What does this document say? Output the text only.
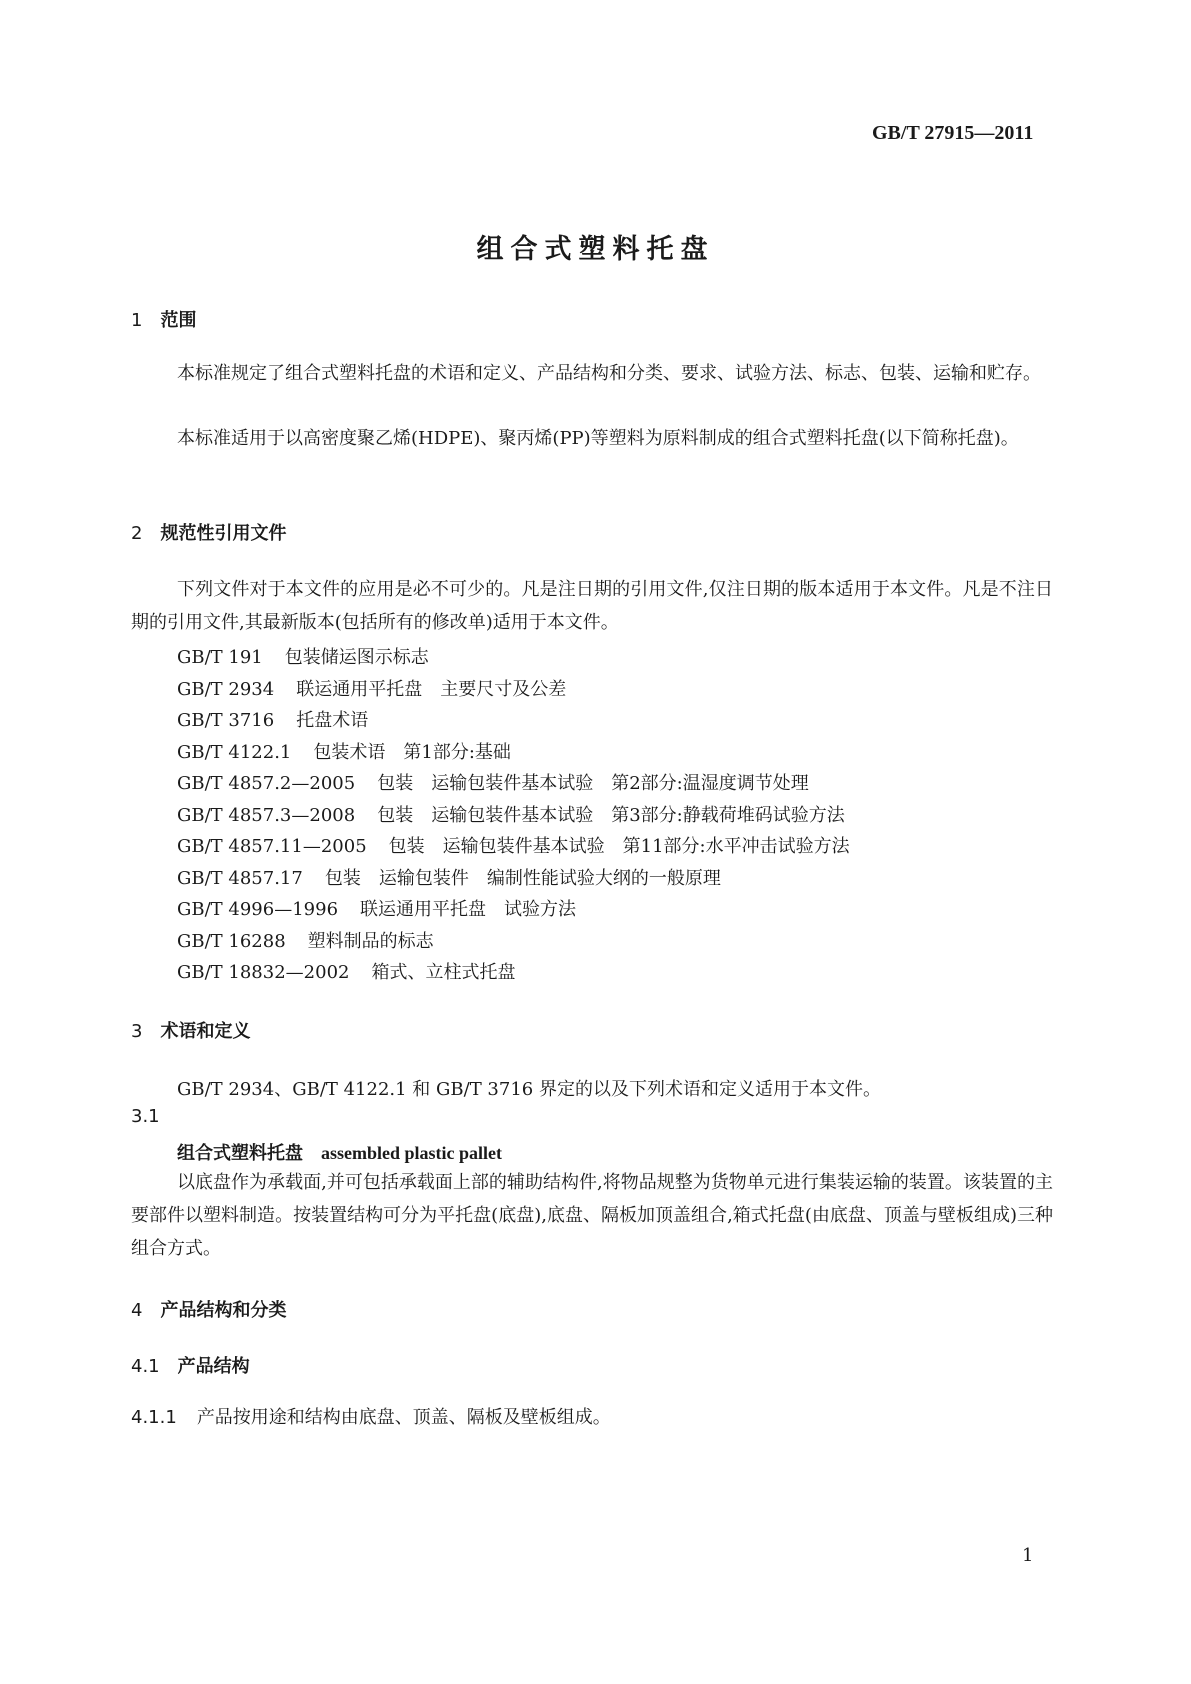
GB/T 27915—2011
组合式塑料托盘
1 范围
本标准规定了组合式塑料托盘的术语和定义、产品结构和分类、要求、试验方法、标志、包装、运输和贮存。
本标准适用于以高密度聚乙烯(HDPE)、聚丙烯(PP)等塑料为原料制成的组合式塑料托盘(以下简称托盘)。
2 规范性引用文件
下列文件对于本文件的应用是必不可少的。凡是注日期的引用文件,仅注日期的版本适用于本文件。凡是不注日期的引用文件,其最新版本(包括所有的修改单)适用于本文件。
GB/T 191 包装储运图示标志
GB/T 2934 联运通用平托盘　主要尺寸及公差
GB/T 3716 托盘术语
GB/T 4122.1 包装术语　第1部分:基础
GB/T 4857.2—2005 包装　运输包装件基本试验　第2部分:温湿度调节处理
GB/T 4857.3—2008 包装　运输包装件基本试验　第3部分:静载荷堆码试验方法
GB/T 4857.11—2005 包装　运输包装件基本试验　第11部分:水平冲击试验方法
GB/T 4857.17 包装　运输包装件　编制性能试验大纲的一般原理
GB/T 4996—1996 联运通用平托盘　试验方法
GB/T 16288 塑料制品的标志
GB/T 18832—2002 箱式、立柱式托盘
3 术语和定义
GB/T 2934、GB/T 4122.1 和 GB/T 3716 界定的以及下列术语和定义适用于本文件。
3.1
组合式塑料托盘 assembled plastic pallet
以底盘作为承载面,并可包括承载面上部的辅助结构件,将物品规整为货物单元进行集装运输的装置。该装置的主要部件以塑料制造。按装置结构可分为平托盘(底盘),底盘、隔板加顶盖组合,箱式托盘(由底盘、顶盖与壁板组成)三种组合方式。
4 产品结构和分类
4.1 产品结构
4.1.1 产品按用途和结构由底盘、顶盖、隔板及壁板组成。
1
